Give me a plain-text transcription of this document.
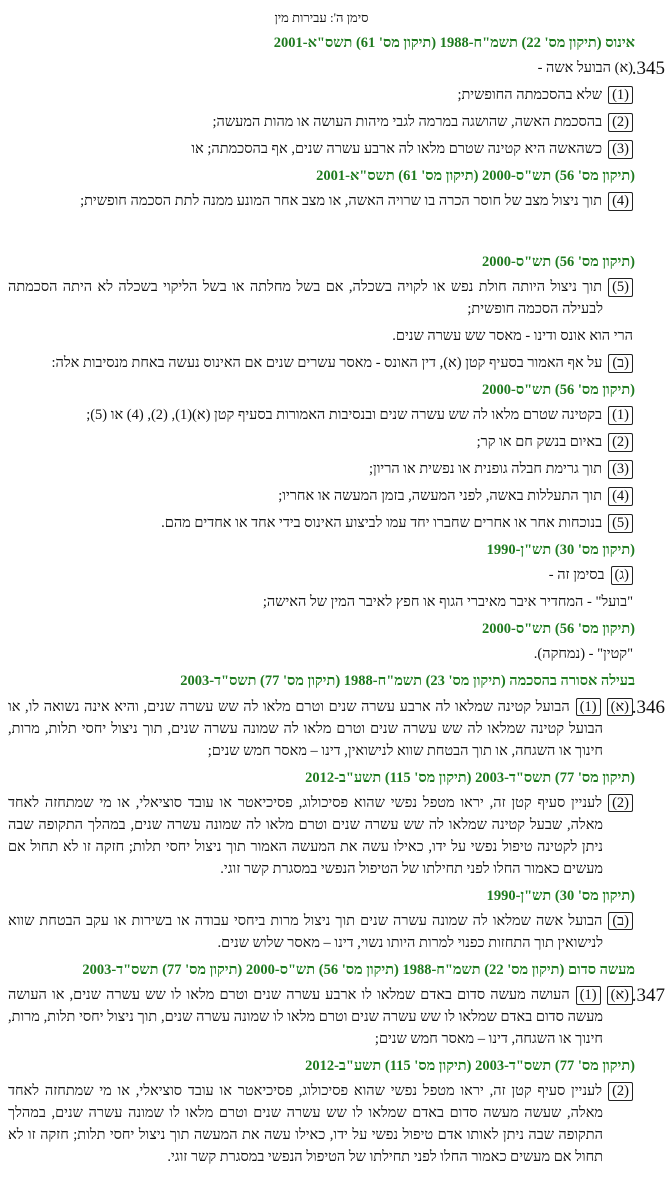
סימן ה': עבירות מין
אינוס (תיקון מס' 22) תשמ"ח-1988 (תיקון מס' 61) תשס"א-2001
345.
(א) הבועל אשה -
(1)שלא בהסכמתה החופשית;
(2)בהסכמת האשה, שהושגה במרמה לגבי מיהות העושה או מהות המעשה;
(3)כשהאשה היא קטינה שטרם מלאו לה ארבע עשרה שנים, אף בהסכמתה; או
(תיקון מס' 56) תש"ס-2000 (תיקון מס' 61) תשס"א-2001
(4)תוך ניצול מצב של חוסר הכרה בו שרויה האשה, או מצב אחר המונע ממנה לתת הסכמה חופשית;
(תיקון מס' 56) תש"ס-2000
(5)תוך ניצול היותה חולת נפש או לקויה בשכלה, אם בשל מחלתה או בשל הליקוי בשכלה לא היתה הסכמתה לבעילה הסכמה חופשית;
הרי הוא אונס ודינו - מאסר שש עשרה שנים.
(ב)על אף האמור בסעיף קטן (א), דין האונס - מאסר עשרים שנים אם האינוס נעשה באחת מנסיבות אלה:
(תיקון מס' 56) תש"ס-2000
(1)בקטינה שטרם מלאו לה שש עשרה שנים ובנסיבות האמורות בסעיף קטן (א)(1), (2), (4) או (5);
(2)באיום בנשק חם או קר;
(3)תוך גרימת חבלה גופנית או נפשית או הריון;
(4)תוך התעללות באשה, לפני המעשה, בזמן המעשה או אחריו;
(5)בנוכחות אחר או אחרים שחברו יחד עמו לביצוע האינוס בידי אחד או אחדים מהם.
(תיקון מס' 30) תש"ן-1990
(ג)בסימן זה -
"בועל" - המחדיר איבר מאיברי הגוף או חפץ לאיבר המין של האישה;
(תיקון מס' 56) תש"ס-2000
"קטין" - (נמחקה).
בעילה אסורה בהסכמה (תיקון מס' 23) תשמ"ח-1988 (תיקון מס' 77) תשס"ד-2003
346.
(א)(1)הבועל קטינה שמלאו לה ארבע עשרה שנים וטרם מלאו לה שש עשרה שנים, והיא אינה נשואה לו, או הבועל קטינה שמלאו לה שש עשרה שנים וטרם מלאו לה שמונה עשרה שנים, תוך ניצול יחסי תלות, מרות, חינוך או השגחה, או תוך הבטחת שווא לנישואין, דינו – מאסר חמש שנים;
(תיקון מס' 77) תשס"ד-2003 (תיקון מס' 115) תשע"ב-2012
(2)לעניין סעיף קטן זה, יראו מטפל נפשי שהוא פסיכולוג, פסיכיאטר או עובד סוציאלי, או מי שמתחזה לאחד מאלה, שבעל קטינה שמלאו לה שש עשרה שנים וטרם מלאו לה שמונה עשרה שנים, במהלך התקופה שבה ניתן לקטינה טיפול נפשי על ידו, כאילו עשה את המעשה האמור תוך ניצול יחסי תלות; חזקה זו לא תחול אם מעשים כאמור החלו לפני תחילתו של הטיפול הנפשי במסגרת קשר זוגי.
(תיקון מס' 30) תש"ן-1990
(ב)הבועל אשה שמלאו לה שמונה עשרה שנים תוך ניצול מרות ביחסי עבודה או בשירות או עקב הבטחת שווא לנישואין תוך התחזות כפנוי למרות היותו נשוי, דינו – מאסר שלוש שנים.
מעשה סדום (תיקון מס' 22) תשמ"ח-1988 (תיקון מס' 56) תש"ס-2000 (תיקון מס' 77) תשס"ד-2003
347.
(א)(1)העושה מעשה סדום באדם שמלאו לו ארבע עשרה שנים וטרם מלאו לו שש עשרה שנים, או העושה מעשה סדום באדם שמלאו לו שש עשרה שנים וטרם מלאו לו שמונה עשרה שנים, תוך ניצול יחסי תלות, מרות, חינוך או השגחה, דינו – מאסר חמש שנים;
(תיקון מס' 77) תשס"ד-2003 (תיקון מס' 115) תשע"ב-2012
(2)לעניין סעיף קטן זה, יראו מטפל נפשי שהוא פסיכולוג, פסיכיאטר או עובד סוציאלי, או מי שמתחזה לאחד מאלה, שעשה מעשה סדום באדם שמלאו לו שש עשרה שנים וטרם מלאו לו שמונה עשרה שנים, במהלך התקופה שבה ניתן לאותו אדם טיפול נפשי על ידו, כאילו עשה את המעשה תוך ניצול יחסי תלות; חזקה זו לא תחול אם מעשים כאמור החלו לפני תחילתו של הטיפול הנפשי במסגרת קשר זוגי.
